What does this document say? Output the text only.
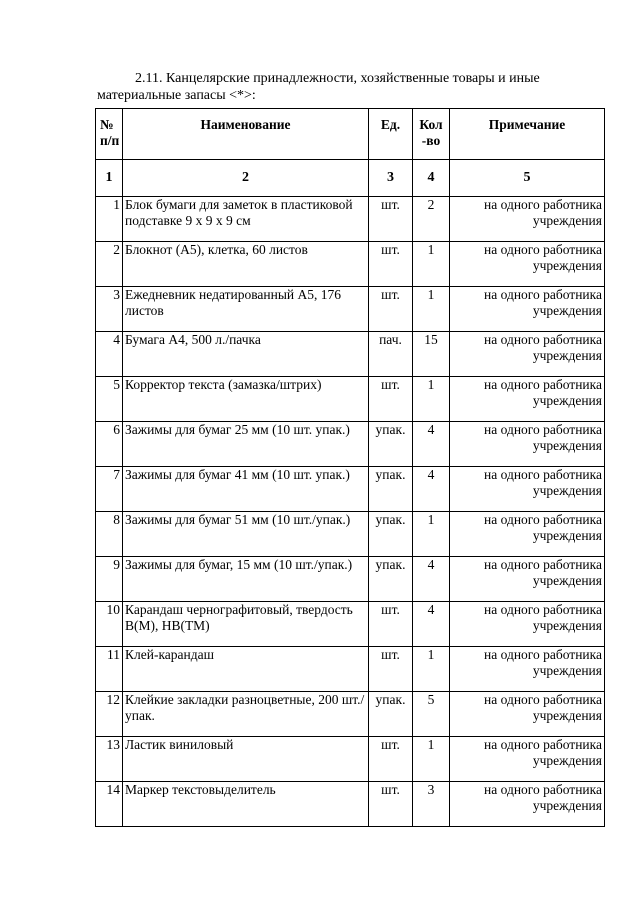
2.11. Канцелярские принадлежности, хозяйственные товары и иные
материальные запасы <*>:
№ п/п	Наименование	Ед.	Кол -во	Примечание
1	2	3	4	5
1	Блок бумаги для заметок в пластиковой подставке 9 х 9 х 9 см	шт.	2	на одного работника учреждения
2	Блокнот (А5), клетка, 60 листов	шт.	1	на одного работника учреждения
3	Ежедневник недатированный А5, 176 листов	шт.	1	на одного работника учреждения
4	Бумага А4, 500 л./пачка	пач.	15	на одного работника учреждения
5	Корректор текста (замазка/штрих)	шт.	1	на одного работника учреждения
6	Зажимы для бумаг 25 мм (10 шт. упак.)	упак.	4	на одного работника учреждения
7	Зажимы для бумаг 41 мм (10 шт. упак.)	упак.	4	на одного работника учреждения
8	Зажимы для бумаг 51 мм (10 шт./упак.)	упак.	1	на одного работника учреждения
9	Зажимы для бумаг, 15 мм (10 шт./упак.)	упак.	4	на одного работника учреждения
10	Карандаш чернографитовый, твердость В(М), НВ(ТМ)	шт.	4	на одного работника учреждения
11	Клей-карандаш	шт.	1	на одного работника учреждения
12	Клейкие закладки разноцветные, 200 шт./упак.	упак.	5	на одного работника учреждения
13	Ластик виниловый	шт.	1	на одного работника учреждения
14	Маркер текстовыделитель	шт.	3	на одного работника учреждения
